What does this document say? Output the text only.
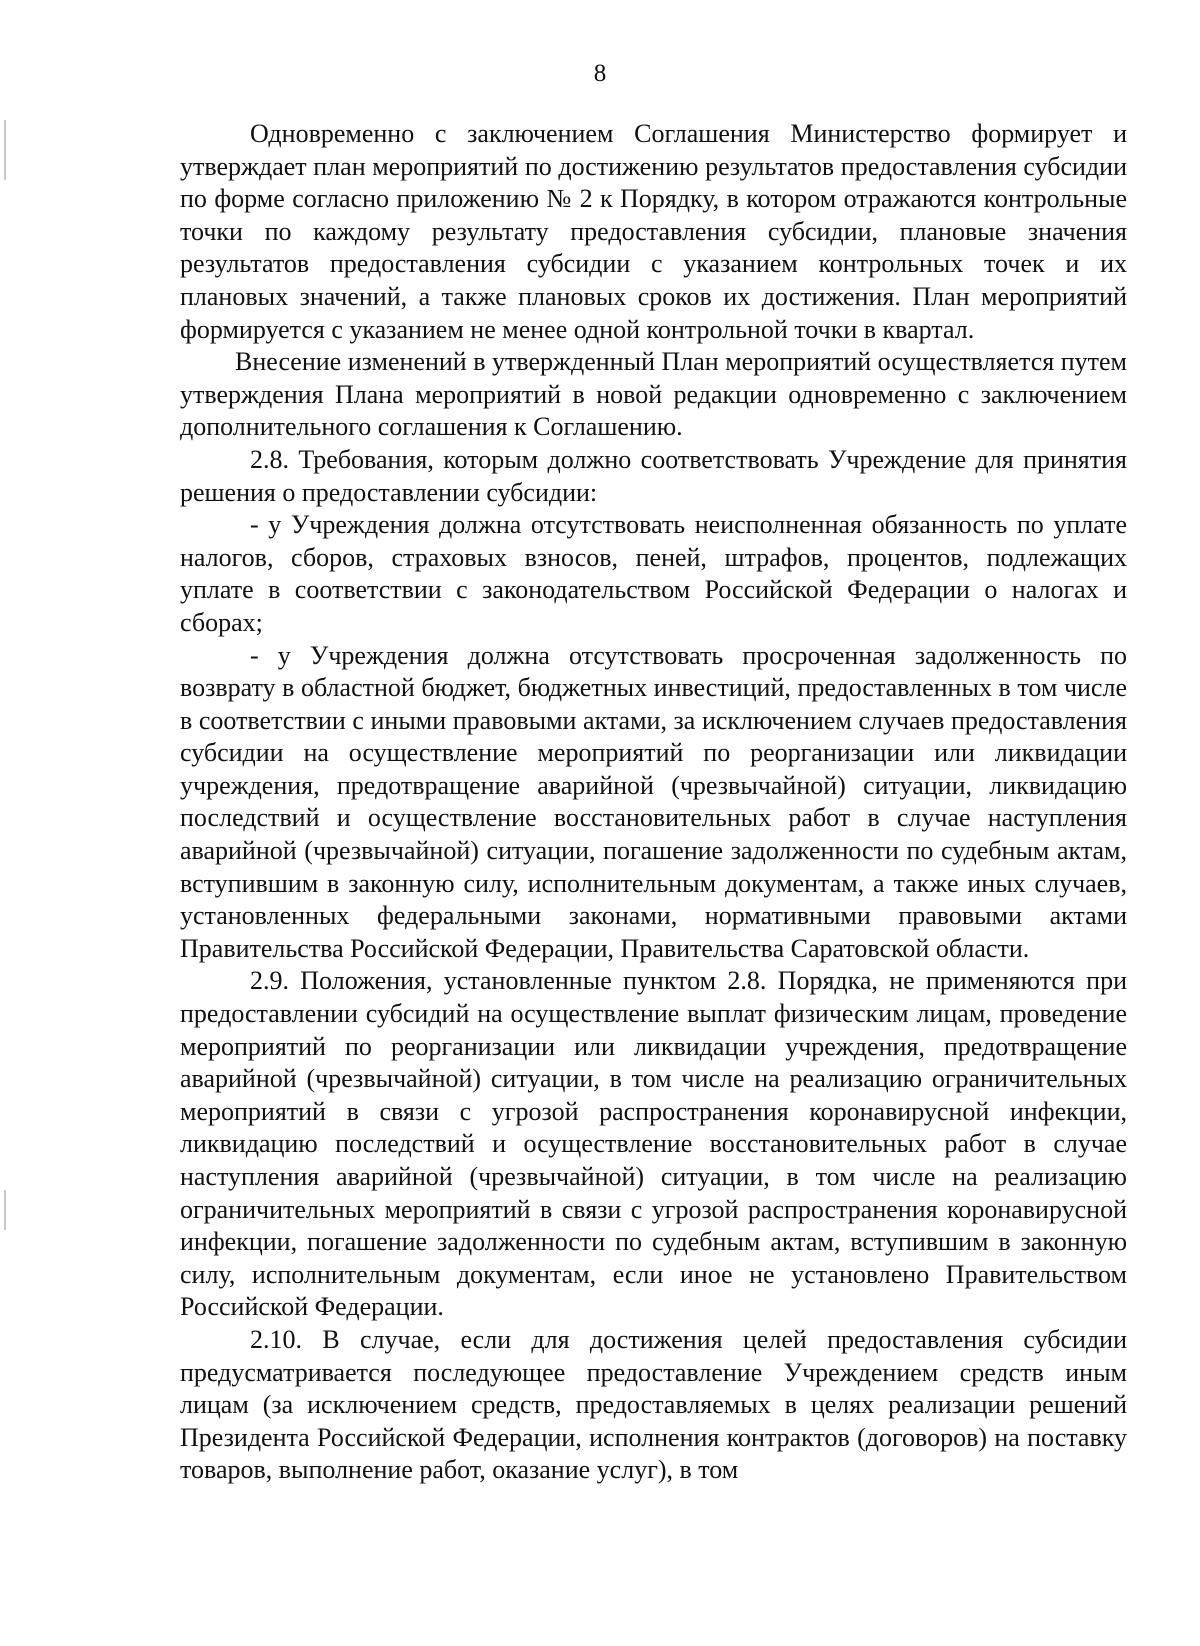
8

Одновременно с заключением Соглашения Министерство формирует и утверждает план мероприятий по достижению результатов предоставления субсидии по форме согласно приложению № 2 к Порядку, в котором отражаются контрольные точки по каждому результату предоставления субсидии, плановые значения результатов предоставления субсидии с указанием контрольных точек и их плановых значений, а также плановых сроков их достижения. План мероприятий формируется с указанием не менее одной контрольной точки в квартал.

Внесение изменений в утвержденный План мероприятий осуществляется путем утверждения Плана мероприятий в новой редакции одновременно с заключением дополнительного соглашения к Соглашению.

2.8. Требования, которым должно соответствовать Учреждение для принятия решения о предоставлении субсидии:

- у Учреждения должна отсутствовать неисполненная обязанность по уплате налогов, сборов, страховых взносов, пеней, штрафов, процентов, подлежащих уплате в соответствии с законодательством Российской Федерации о налогах и сборах;

- у Учреждения должна отсутствовать просроченная задолженность по возврату в областной бюджет, бюджетных инвестиций, предоставленных в том числе в соответствии с иными правовыми актами, за исключением случаев предоставления субсидии на осуществление мероприятий по реорганизации или ликвидации учреждения, предотвращение аварийной (чрезвычайной) ситуации, ликвидацию последствий и осуществление восстановительных работ в случае наступления аварийной (чрезвычайной) ситуации, погашение задолженности по судебным актам, вступившим в законную силу, исполнительным документам, а также иных случаев, установленных федеральными законами, нормативными правовыми актами Правительства Российской Федерации, Правительства Саратовской области.

2.9. Положения, установленные пунктом 2.8. Порядка, не применяются при предоставлении субсидий на осуществление выплат физическим лицам, проведение мероприятий по реорганизации или ликвидации учреждения, предотвращение аварийной (чрезвычайной) ситуации, в том числе на реализацию ограничительных мероприятий в связи с угрозой распространения коронавирусной инфекции, ликвидацию последствий и осуществление восстановительных работ в случае наступления аварийной (чрезвычайной) ситуации, в том числе на реализацию ограничительных мероприятий в связи с угрозой распространения коронавирусной инфекции, погашение задолженности по судебным актам, вступившим в законную силу, исполнительным документам, если иное не установлено Правительством Российской Федерации.

2.10. В случае, если для достижения целей предоставления субсидии предусматривается последующее предоставление Учреждением средств иным лицам (за исключением средств, предоставляемых в целях реализации решений Президента Российской Федерации, исполнения контрактов (договоров) на поставку товаров, выполнение работ, оказание услуг), в том
